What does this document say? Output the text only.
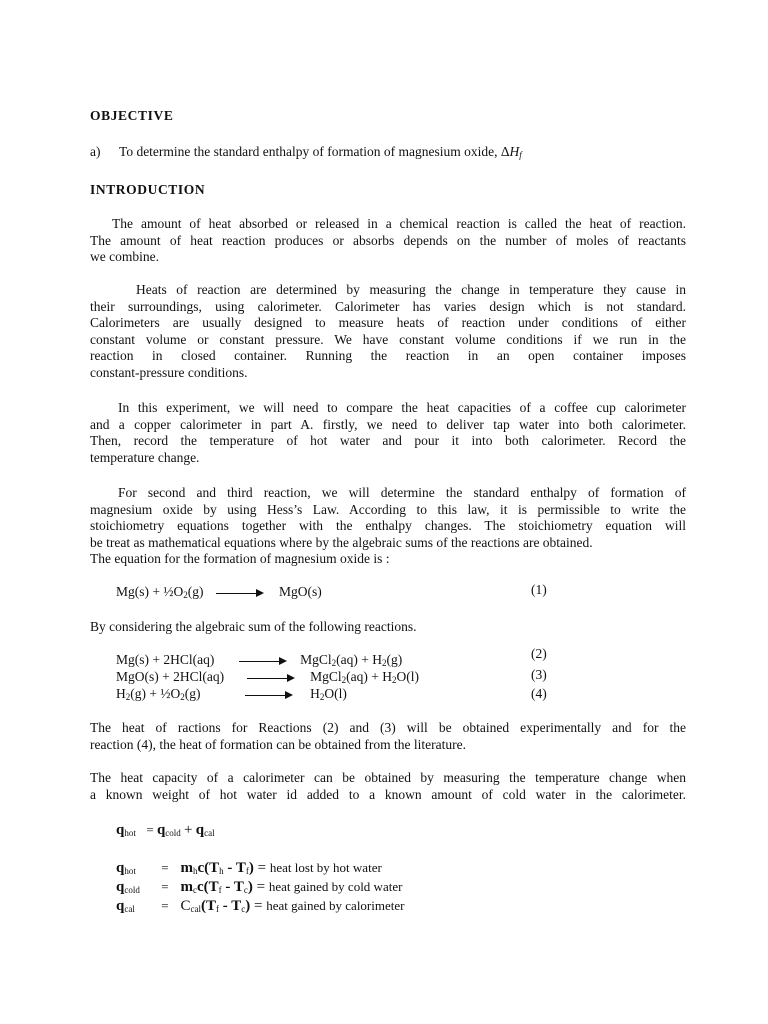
OBJECTIVE
a) To determine the standard enthalpy of formation of magnesium oxide, $\Delta H_f$
INTRODUCTION
The amount of heat absorbed or released in a chemical reaction is called the heat of reaction.
The amount of heat reaction produces or absorbs depends on the number of moles of reactants
we combine.
Heats of reaction are determined by measuring the change in temperature they cause in
their surroundings, using calorimeter. Calorimeter has varies design which is not standard.
Calorimeters are usually designed to measure heats of reaction under conditions of either
constant volume or constant pressure. We have constant volume conditions if we run in the
reaction in closed container. Running the reaction in an open container imposes
constant-pressure conditions.
In this experiment, we will need to compare the heat capacities of a coffee cup calorimeter
and a copper calorimeter in part A. firstly, we need to deliver tap water into both calorimeter.
Then, record the temperature of hot water and pour it into both calorimeter. Record the
temperature change.
For second and third reaction, we will determine the standard enthalpy of formation of
magnesium oxide by using Hess’s Law. According to this law, it is permissible to write the
stoichiometry equations together with the enthalpy changes. The stoichiometry equation will
be treat as mathematical equations where by the algebraic sums of the reactions are obtained.
The equation for the formation of magnesium oxide is :
$Mg(s) + \frac{1}{2}O_2(g)$	MgO(s)	(1)
By considering the algebraic sum of the following reactions.
Mg(s) + 2HCl(aq)	MgCl$_2$(aq) + $H_2(g)$	(2)
MgO(s) + 2HCl(aq)	MgCl$_2$(aq) + $H_2O(l)$	(3)
$H_2(g)$ + $\frac{1}{2}O_2(g)$	$H_2O(l)$	(4)
The heat of ractions for Reactions (2) and (3) will be obtained experimentally and for the
reaction (4), the heat of formation can be obtained from the literature.
The heat capacity of a calorimeter can be obtained by measuring the temperature change when
a known weight of hot water id added to a known amount of cold water in the calorimeter.
$q_{hot} = q_{cold} + q_{cal}$
$q_{hot} = m_hc(T_h - T_f)$ = heat lost by hot water
$q_{cold} = m_cc(T_f - T_c)$ = heat gained by cold water
$q_{cal} = C_{cal}(T_f - T_c)$ = heat gained by calorimeter
